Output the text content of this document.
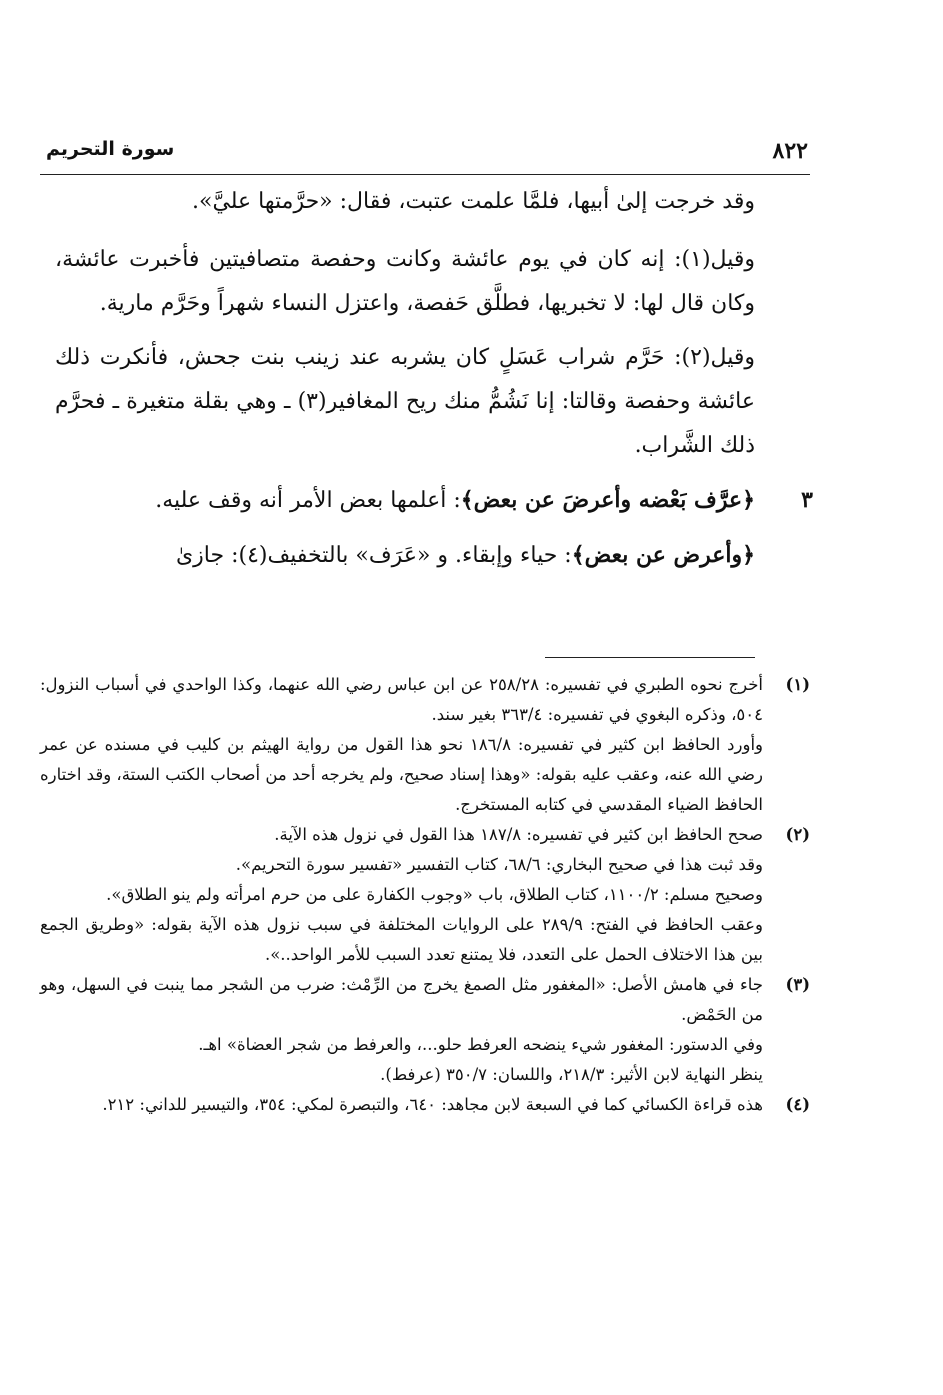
٨٢٢
سورة التحريم

وقد خرجت إلىٰ أبيها، فلمَّا علمت عتبت، فقال: «حرَّمتها عليَّ».

وقيل(١): إنه كان في يوم عائشة وكانت وحفصة متصافيتين فأخبرت عائشة، وكان قال لها: لا تخبريها، فطلَّق حَفصة، واعتزل النساء شهراً وحَرَّم مارية.

وقيل(٢): حَرَّم شراب عَسَلٍ كان يشربه عند زينب بنت جحش، فأنكرت ذلك عائشة وحفصة وقالتا: إنا نَشُمُّ منك ريح المغافير(٣) ـ وهي بقلة متغيرة ـ فحرَّم ذلك الشَّراب.

٣

﴿عرَّف بَعْضه وأعرضَ عن بعض﴾: أعلمها بعض الأمر أنه وقف عليه.

﴿وأعرض عن بعض﴾: حياء وإبقاء. و «عَرَف» بالتخفيف(٤): جازىٰ

(١)
أخرج نحوه الطبري في تفسيره: ٢٥٨/٢٨ عن ابن عباس رضي الله عنهما، وكذا الواحدي في أسباب النزول: ٥٠٤، وذكره البغوي في تفسيره: ٣٦٣/٤ بغير سند.
وأورد الحافظ ابن كثير في تفسيره: ١٨٦/٨ نحو هذا القول من رواية الهيثم بن كليب في مسنده عن عمر رضي الله عنه، وعقب عليه بقوله: «وهذا إسناد صحيح، ولم يخرجه أحد من أصحاب الكتب الستة، وقد اختاره الحافظ الضياء المقدسي في كتابه المستخرج.
(٢)
صحح الحافظ ابن كثير في تفسيره: ١٨٧/٨ هذا القول في نزول هذه الآية.
وقد ثبت هذا في صحيح البخاري: ٦٨/٦، كتاب التفسير «تفسير سورة التحريم».
وصحيح مسلم: ١١٠٠/٢، كتاب الطلاق، باب «وجوب الكفارة على من حرم امرأته ولم ينو الطلاق».
وعقب الحافظ في الفتح: ٢٨٩/٩ على الروايات المختلفة في سبب نزول هذه الآية بقوله: «وطريق الجمع بين هذا الاختلاف الحمل على التعدد، فلا يمتنع تعدد السبب للأمر الواحد..».
(٣)
جاء في هامش الأصل: «المغفور مثل الصمغ يخرج من الرِّمْث: ضرب من الشجر مما ينبت في السهل، وهو من الحَمْض.
وفي الدستور: المغفور شيء ينضحه العرفط حلو...، والعرفط من شجر العضاة» اهـ.
ينظر النهاية لابن الأثير: ٢١٨/٣، واللسان: ٣٥٠/٧ (عرفط).
(٤)
هذه قراءة الكسائي كما في السبعة لابن مجاهد: ٦٤٠، والتبصرة لمكي: ٣٥٤، والتيسير للداني: ٢١٢.
